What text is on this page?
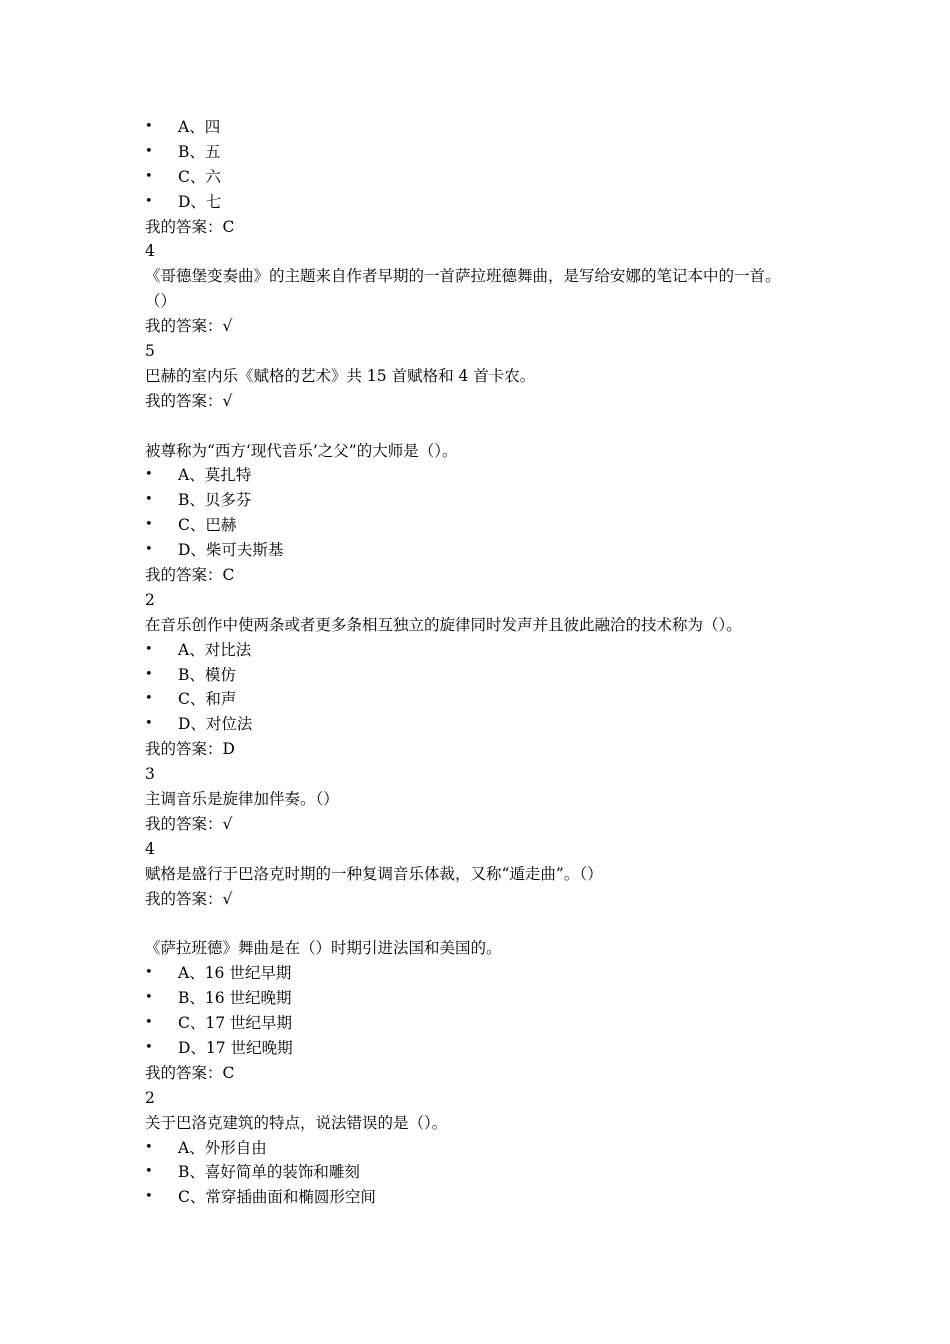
• A、四
• B、五
• C、六
• D、七
我的答案：C
4
《哥德堡变奏曲》的主题来自作者早期的一首萨拉班德舞曲，是写给安娜的笔记本中的一首。
（）
我的答案：√
5
巴赫的室内乐《赋格的艺术》共 15 首赋格和 4 首卡农。
我的答案：√
被尊称为“西方‘现代音乐’之父”的大师是（）。
• A、莫扎特
• B、贝多芬
• C、巴赫
• D、柴可夫斯基
我的答案：C
2
在音乐创作中使两条或者更多条相互独立的旋律同时发声并且彼此融洽的技术称为（）。
• A、对比法
• B、模仿
• C、和声
• D、对位法
我的答案：D
3
主调音乐是旋律加伴奏。（）
我的答案：√
4
赋格是盛行于巴洛克时期的一种复调音乐体裁，又称“遁走曲”。（）
我的答案：√
《萨拉班德》舞曲是在（）时期引进法国和美国的。
• A、16 世纪早期
• B、16 世纪晚期
• C、17 世纪早期
• D、17 世纪晚期
我的答案：C
2
关于巴洛克建筑的特点，说法错误的是（）。
• A、外形自由
• B、喜好简单的装饰和雕刻
• C、常穿插曲面和椭圆形空间
